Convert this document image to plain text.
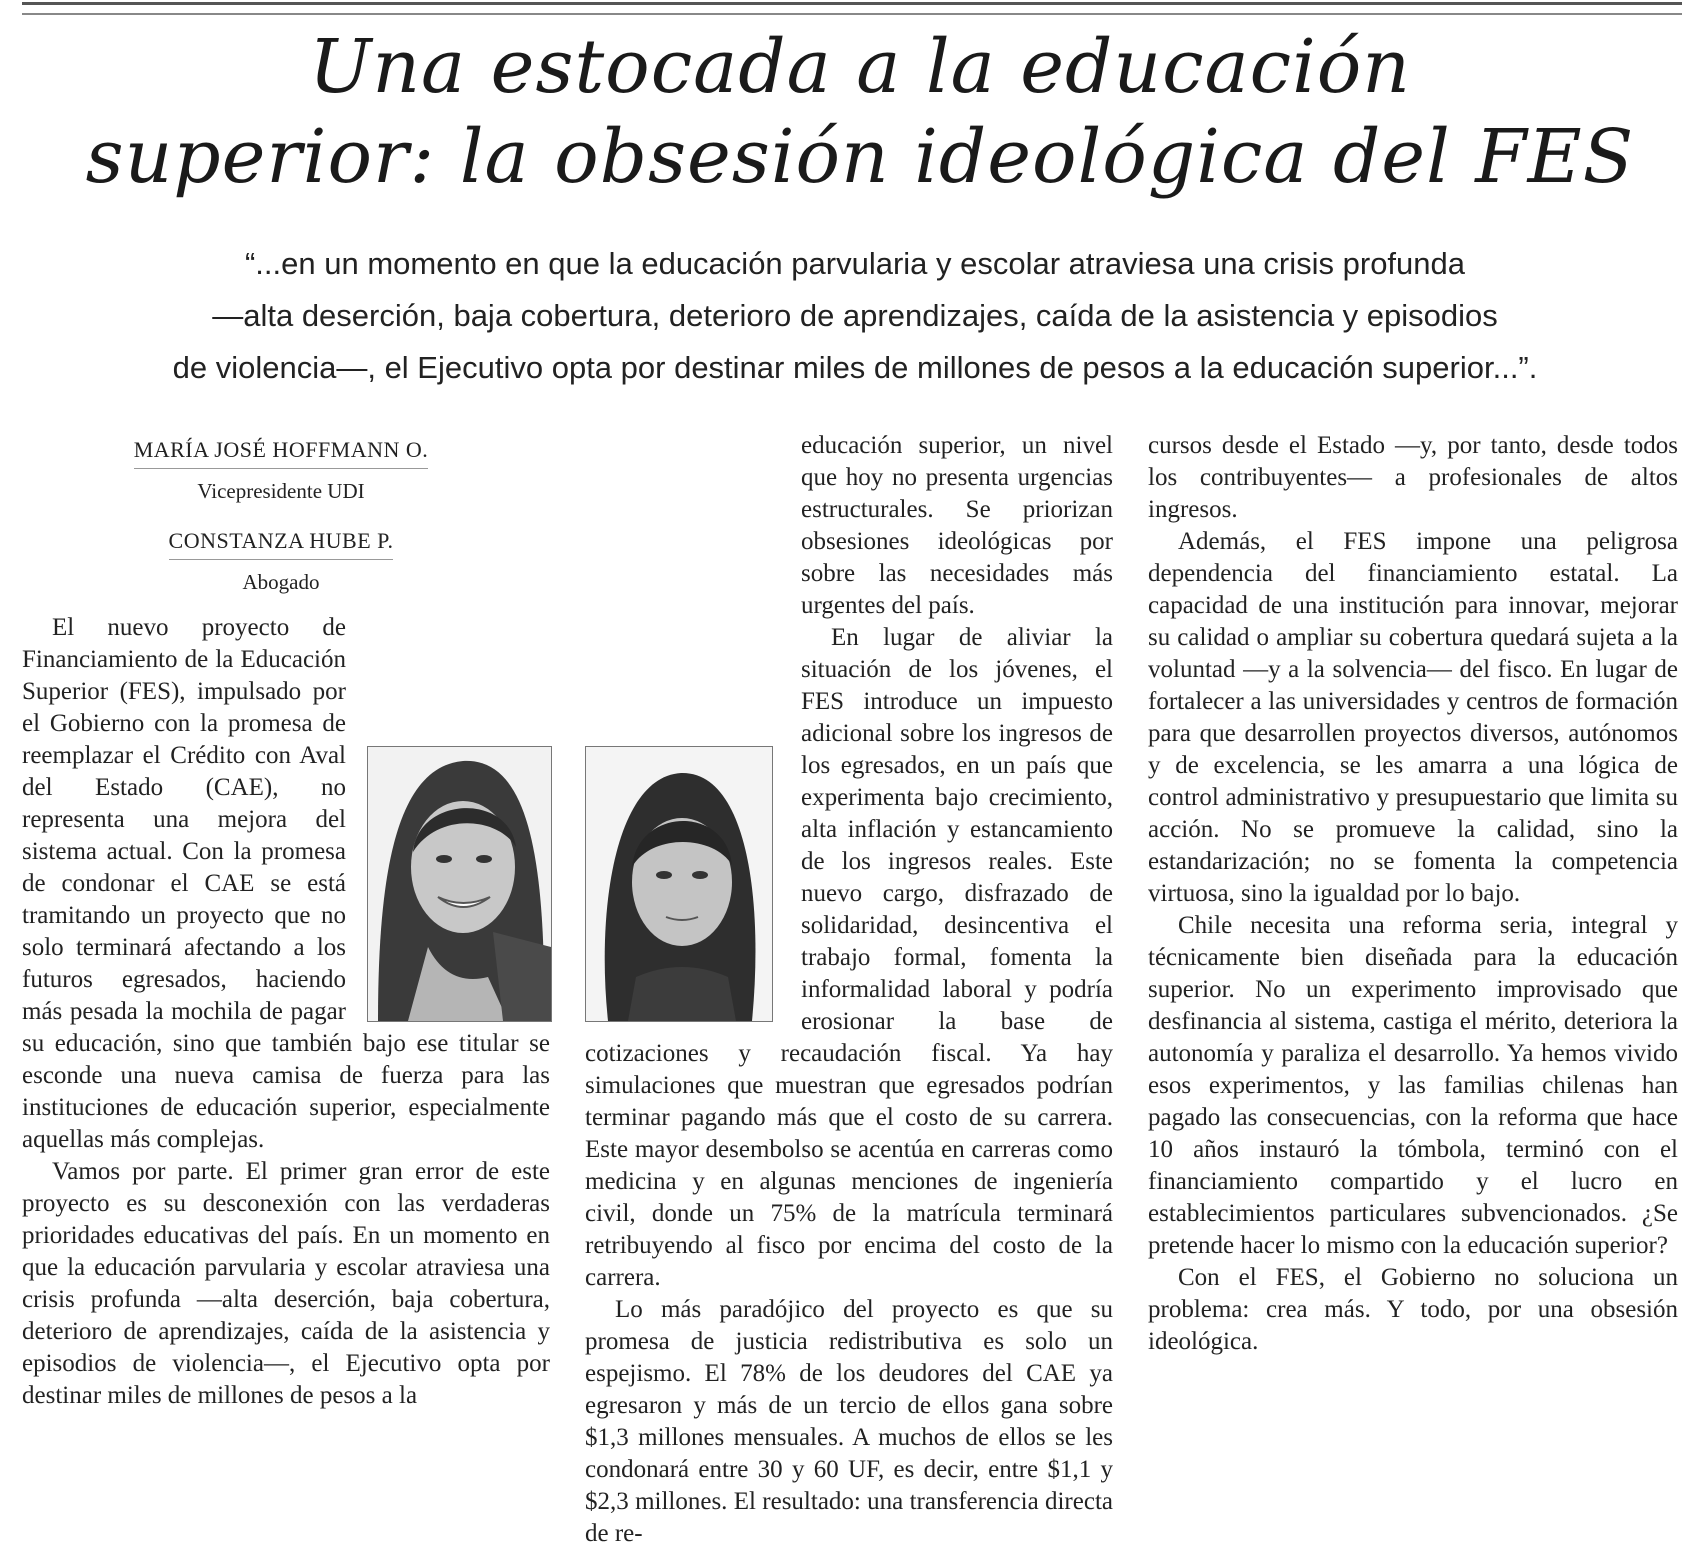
Una estocada a la educación
superior: la obsesión ideológica del FES
“...en un momento en que la educación parvularia y escolar atraviesa una crisis profunda
—alta deserción, baja cobertura, deterioro de aprendizajes, caída de la asistencia y episodios
de violencia—, el Ejecutivo opta por destinar miles de millones de pesos a la educación superior...”.
MARÍA JOSÉ HOFFMANN O.
Vicepresidente UDI
CONSTANZA HUBE P.
Abogado

El nuevo proyecto de Financiamiento de la Educación Superior (FES), impulsado por el Gobierno con la promesa de reemplazar el Crédito con Aval del Estado (CAE), no representa una mejora del sistema actual. Con la promesa de condonar el CAE se está tramitando un proyecto que no solo terminará afectando a los futuros egresados, haciendo más pesada la mochila de pagar su educación, sino que también bajo ese titular se esconde una nueva camisa de fuerza para las instituciones de educación superior, especialmente aquellas más complejas.

Vamos por parte. El primer gran error de este proyecto es su desconexión con las verdaderas prioridades educativas del país. En un momento en que la educación parvularia y escolar atraviesa una crisis profunda —alta deserción, baja cobertura, deterioro de aprendizajes, caída de la asistencia y episodios de violencia—, el Ejecutivo opta por destinar miles de millones de pesos a la

educación superior, un nivel que hoy no presenta urgencias estructurales. Se priorizan obsesiones ideológicas por sobre las necesidades más urgentes del país.

En lugar de aliviar la situación de los jóvenes, el FES introduce un impuesto adicional sobre los ingresos de los egresados, en un país que experimenta bajo crecimiento, alta inflación y estancamiento de los ingresos reales. Este nuevo cargo, disfrazado de solidaridad, desincentiva el trabajo formal, fomenta la informalidad laboral y podría erosionar la base de cotizaciones y recaudación fiscal. Ya hay simulaciones que muestran que egresados podrían terminar pagando más que el costo de su carrera. Este mayor desembolso se acentúa en carreras como medicina y en algunas menciones de ingeniería civil, donde un 75% de la matrícula terminará retribuyendo al fisco por encima del costo de la carrera.

Lo más paradójico del proyecto es que su promesa de justicia redistributiva es solo un espejismo. El 78% de los deudores del CAE ya egresaron y más de un tercio de ellos gana sobre $1,3 millones mensuales. A muchos de ellos se les condonará entre 30 y 60 UF, es decir, entre $1,1 y $2,3 millones. El resultado: una transferencia directa de re-

cursos desde el Estado —y, por tanto, desde todos los contribuyentes— a profesionales de altos ingresos.

Además, el FES impone una peligrosa dependencia del financiamiento estatal. La capacidad de una institución para innovar, mejorar su calidad o ampliar su cobertura quedará sujeta a la voluntad —y a la solvencia— del fisco. En lugar de fortalecer a las universidades y centros de formación para que desarrollen proyectos diversos, autónomos y de excelencia, se les amarra a una lógica de control administrativo y presupuestario que limita su acción. No se promueve la calidad, sino la estandarización; no se fomenta la competencia virtuosa, sino la igualdad por lo bajo.

Chile necesita una reforma seria, integral y técnicamente bien diseñada para la educación superior. No un experimento improvisado que desfinancia al sistema, castiga el mérito, deteriora la autonomía y paraliza el desarrollo. Ya hemos vivido esos experimentos, y las familias chilenas han pagado las consecuencias, con la reforma que hace 10 años instauró la tómbola, terminó con el financiamiento compartido y el lucro en establecimientos particulares subvencionados. ¿Se pretende hacer lo mismo con la educación superior?

Con el FES, el Gobierno no soluciona un problema: crea más. Y todo, por una obsesión ideológica.
